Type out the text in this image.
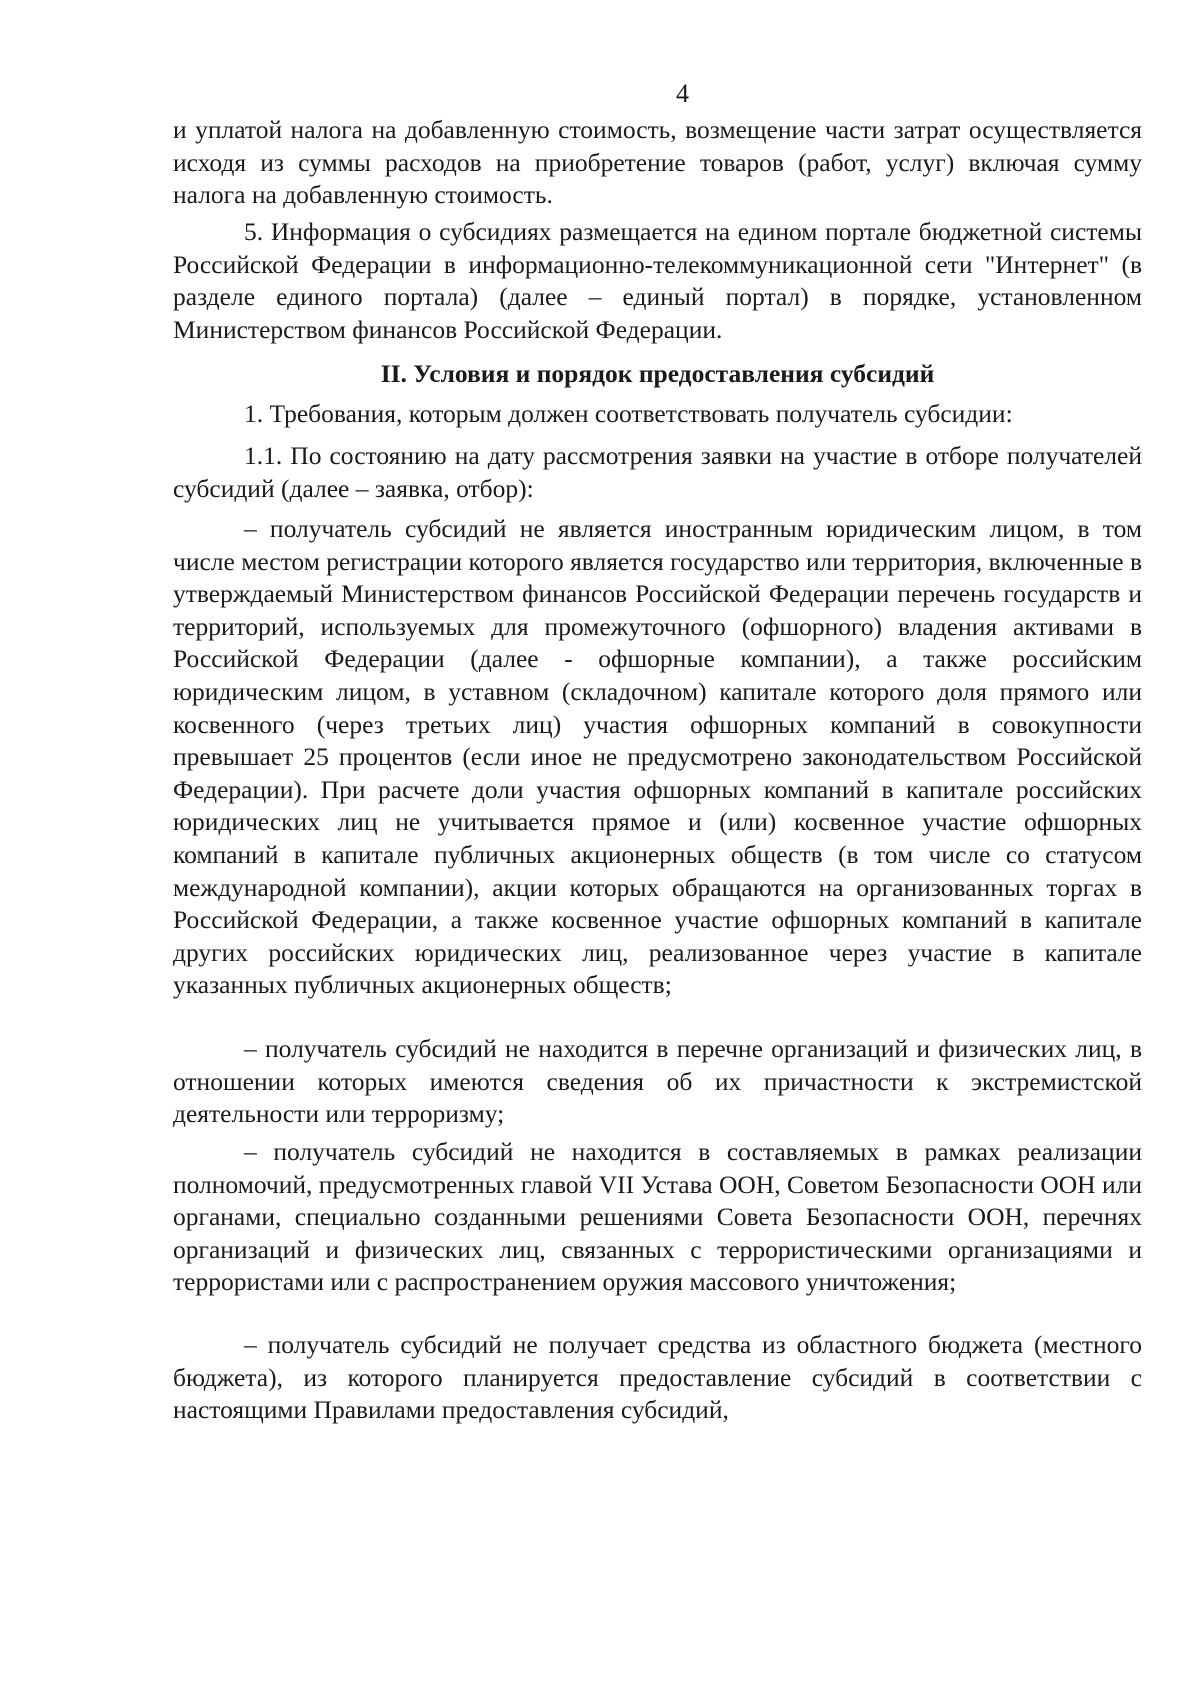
4

и уплатой налога на добавленную стоимость, возмещение части затрат осуществляется исходя из суммы расходов на приобретение товаров (работ, услуг) включая сумму налога на добавленную стоимость.

5. Информация о субсидиях размещается на едином портале бюджетной системы Российской Федерации в информационно-телекоммуникационной сети "Интернет" (в разделе единого портала) (далее – единый портал) в порядке, установленном Министерством финансов Российской Федерации.

II. Условия и порядок предоставления субсидий

1. Требования, которым должен соответствовать получатель субсидии:

1.1. По состоянию на дату рассмотрения заявки на участие в отборе получателей субсидий (далее – заявка, отбор):

– получатель субсидий не является иностранным юридическим лицом, в том числе местом регистрации которого является государство или территория, включенные в утверждаемый Министерством финансов Российской Федерации перечень государств и территорий, используемых для промежуточного (офшорного) владения активами в Российской Федерации (далее - офшорные компании), а также российским юридическим лицом, в уставном (складочном) капитале которого доля прямого или косвенного (через третьих лиц) участия офшорных компаний в совокупности превышает 25 процентов (если иное не предусмотрено законодательством Российской Федерации). При расчете доли участия офшорных компаний в капитале российских юридических лиц не учитывается прямое и (или) косвенное участие офшорных компаний в капитале публичных акционерных обществ (в том числе со статусом международной компании), акции которых обращаются на организованных торгах в Российской Федерации, а также косвенное участие офшорных компаний в капитале других российских юридических лиц, реализованное через участие в капитале указанных публичных акционерных обществ;

– получатель субсидий не находится в перечне организаций и физических лиц, в отношении которых имеются сведения об их причастности к экстремистской деятельности или терроризму;

– получатель субсидий не находится в составляемых в рамках реализации полномочий, предусмотренных главой VII Устава ООН, Советом Безопасности ООН или органами, специально созданными решениями Совета Безопасности ООН, перечнях организаций и физических лиц, связанных с террористическими организациями и террористами или с распространением оружия массового уничтожения;

– получатель субсидий не получает средства из областного бюджета (местного бюджета), из которого планируется предоставление субсидий в соответствии с настоящими Правилами предоставления субсидий,
